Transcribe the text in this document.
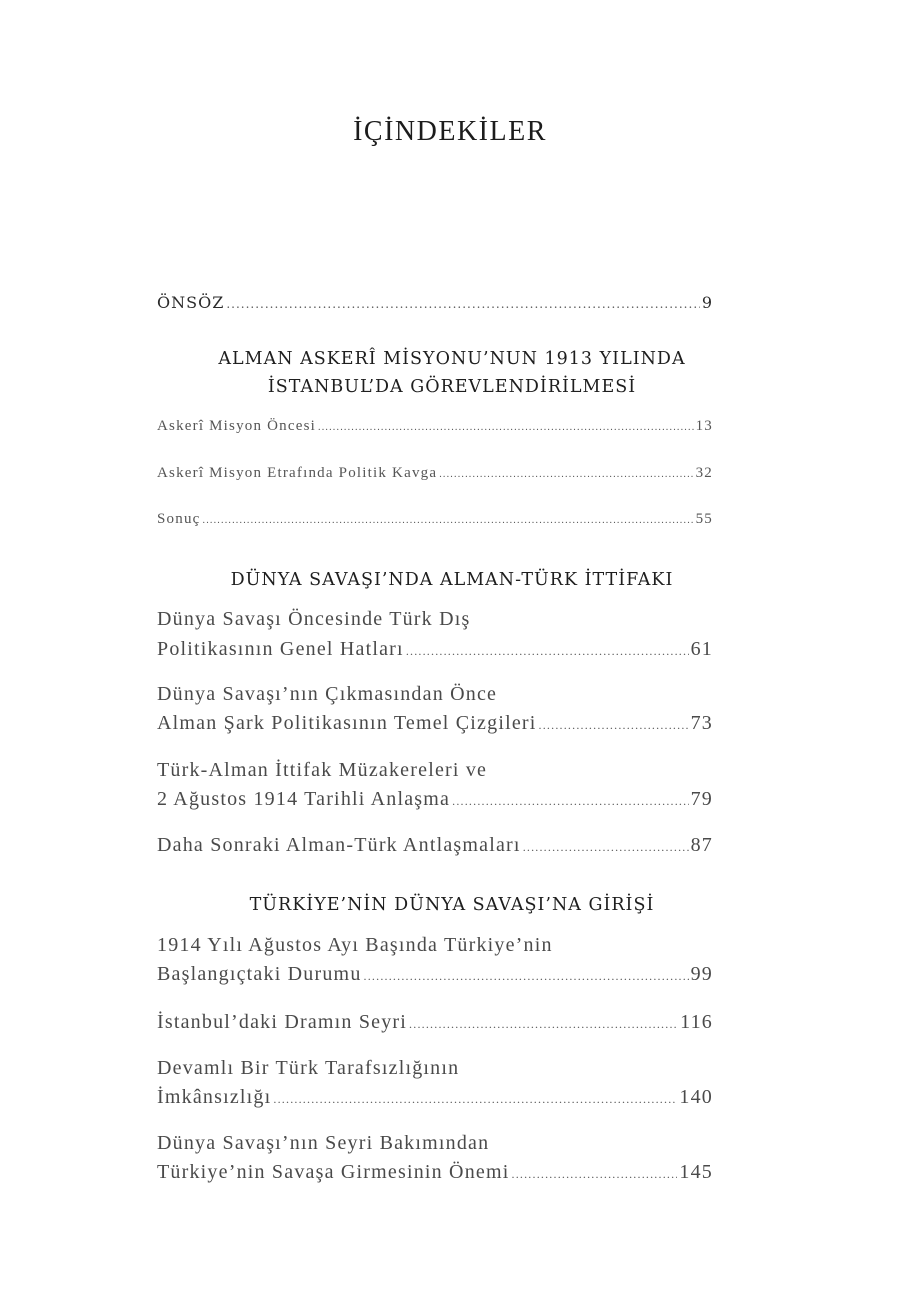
İÇİNDEKİLER
ÖNSÖZ .....	9
ALMAN ASKERÎ MİSYONU’NUN 1913 YILINDA
İSTANBUL’DA GÖREVLENDİRİLMESİ
Askerî Misyon Öncesi .....	13
Askerî Misyon Etrafında Politik Kavga .....	32
Sonuç .....	55
DÜNYA SAVAŞI’NDA ALMAN-TÜRK İTTİFAKI
Dünya Savaşı Öncesinde Türk Dış
Politikasının Genel Hatları .....	61
Dünya Savaşı’nın Çıkmasından Önce
Alman Şark Politikasının Temel Çizgileri .....	73
Türk-Alman İttifak Müzakereleri ve
2 Ağustos 1914 Tarihli Anlaşma .....	79
Daha Sonraki Alman-Türk Antlaşmaları .....	87
TÜRKİYE’NİN DÜNYA SAVAŞI’NA GİRİŞİ
1914 Yılı Ağustos Ayı Başında Türkiye’nin
Başlangıçtaki Durumu .....	99
İstanbul’daki Dramın Seyri .....	116
Devamlı Bir Türk Tarafsızlığının
İmkânsızlığı .....	140
Dünya Savaşı’nın Seyri Bakımından
Türkiye’nin Savaşa Girmesinin Önemi .....	145
